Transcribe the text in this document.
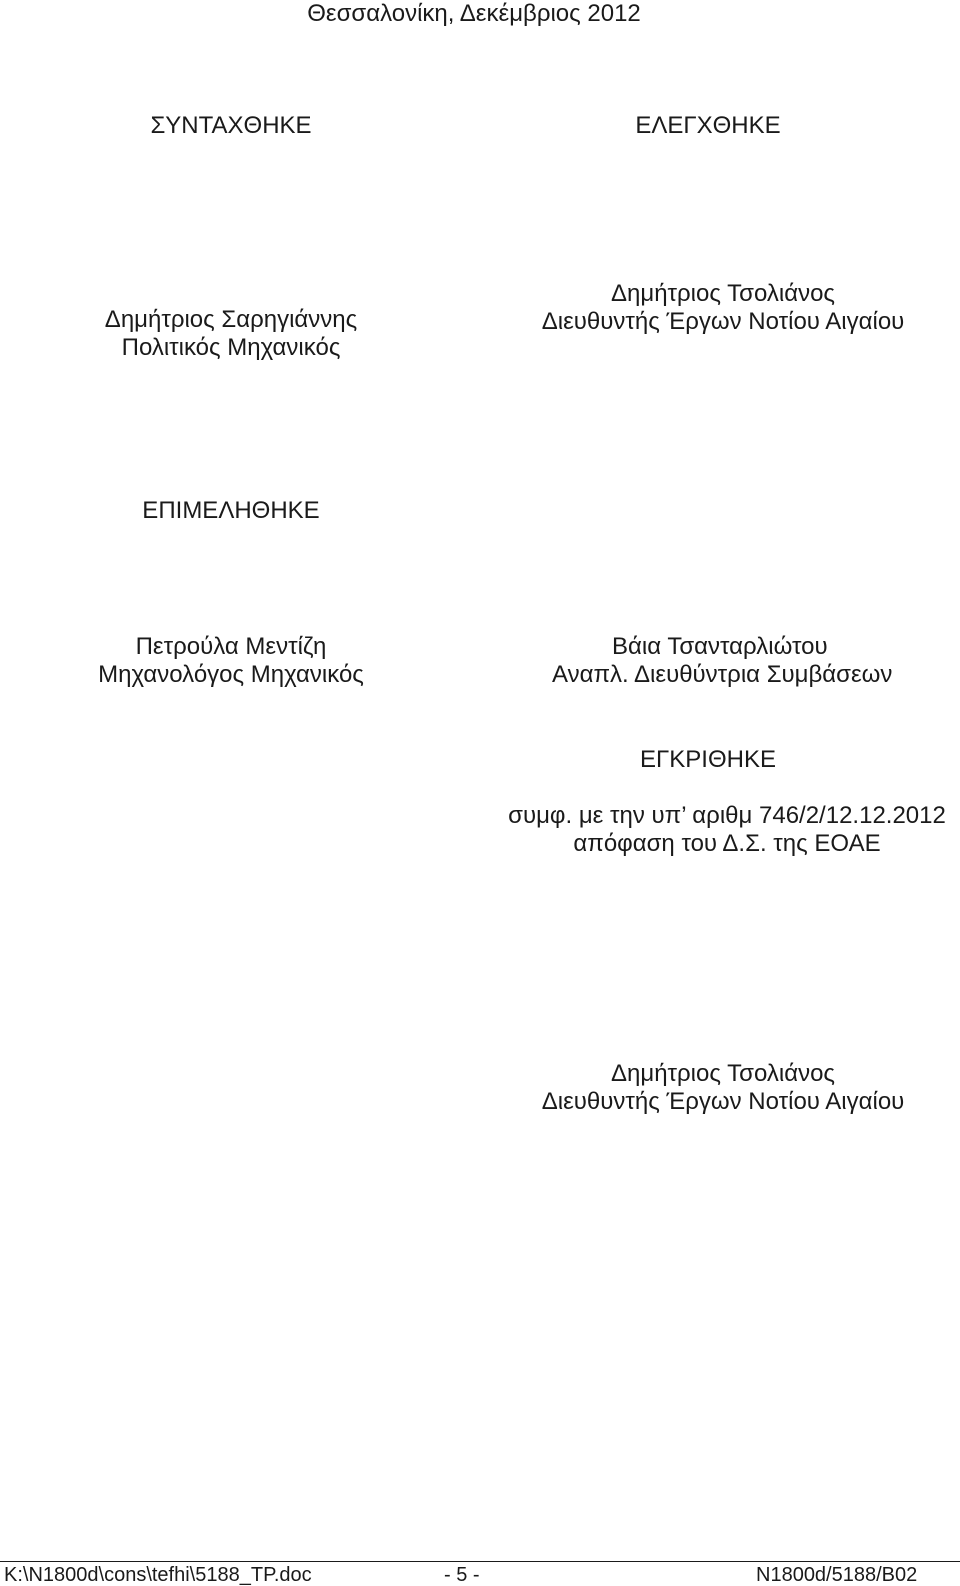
Θεσσαλονίκη, Δεκέμβριος 2012
ΣΥΝΤΑΧΘΗΚΕ	ΕΛΕΓΧΘΗΚΕ
Δημήτριος Τσολιάνος
Διευθυντής Έργων Νοτίου Αιγαίου
Δημήτριος Σαρηγιάννης
Πολιτικός Μηχανικός
ΕΠΙΜΕΛΗΘΗΚΕ
Πετρούλα Μεντίζη
Μηχανολόγος Μηχανικός
Βάια Τσανταρλιώτου
Αναπλ. Διευθύντρια Συμβάσεων
ΕΓΚΡΙΘΗΚΕ
συμφ. με την υπ’ αριθμ 746/2/12.12.2012
απόφαση του Δ.Σ. της ΕΟΑΕ
Δημήτριος Τσολιάνος
Διευθυντής Έργων Νοτίου Αιγαίου
K:\N1800d\cons\tefhi\5188_TP.doc	- 5 -	N1800d/5188/B02
